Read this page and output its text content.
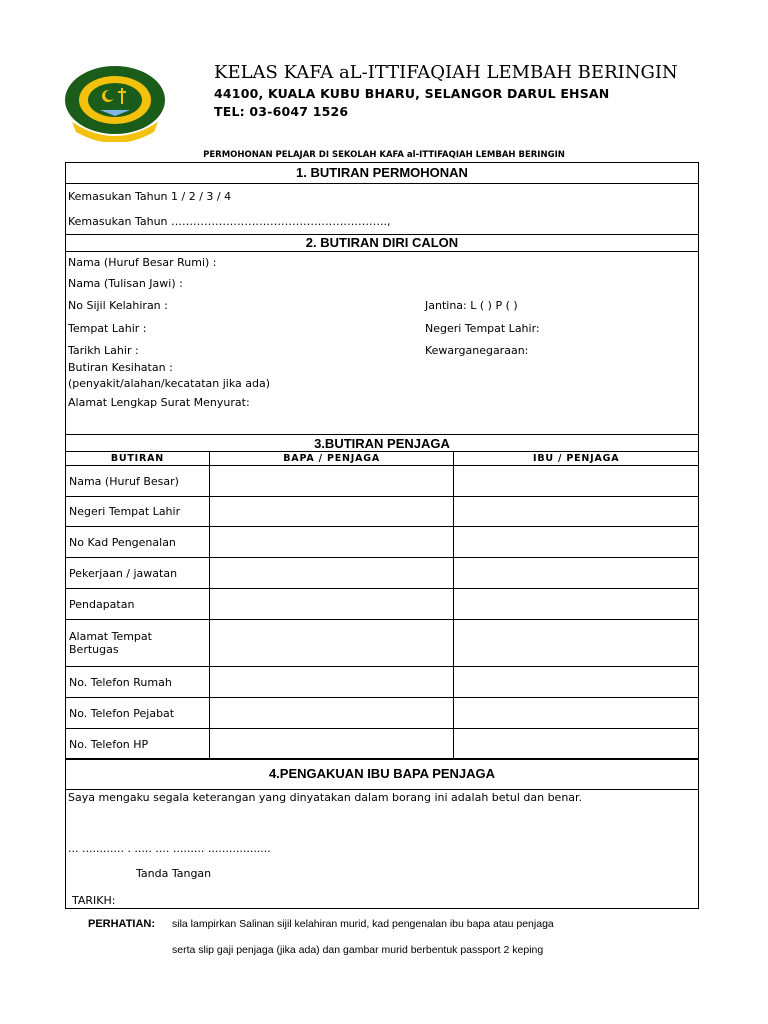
KELAS KAFA aL-ITTIFAQIAH LEMBAH BERINGIN
44100, KUALA KUBU BHARU, SELANGOR DARUL EHSAN
TEL: 03-6047 1526
PERMOHONAN PELAJAR DI SEKOLAH KAFA al-ITTIFAQIAH LEMBAH BERINGIN
1. BUTIRAN PERMOHONAN
Kemasukan Tahun 1 / 2 / 3 / 4
Kemasukan Tahun …………………………………………………..,
2. BUTIRAN DIRI CALON
Nama (Huruf Besar Rumi) :
Nama (Tulisan Jawi) :
No Sijil Kelahiran :	Jantina: L ( ) P ( )
Tempat Lahir :	Negeri Tempat Lahir:
Tarikh Lahir :	Kewarganegaraan:
Butiran Kesihatan :
(penyakit/alahan/kecatatan jika ada)
Alamat Lengkap Surat Menyurat:
3.BUTIRAN PENJAGA
BUTIRAN	BAPA / PENJAGA	IBU / PENJAGA
Nama (Huruf Besar)		
Negeri Tempat Lahir		
No Kad Pengenalan		
Pekerjaan / jawatan		
Pendapatan		
Alamat Tempat Bertugas		
No. Telefon Rumah		
No. Telefon Pejabat		
No. Telefon HP		
4.PENGAKUAN IBU BAPA PENJAGA
Saya mengaku segala keterangan yang dinyatakan dalam borang ini adalah betul dan benar.
... ............ . ..... .... ......... ..................
Tanda Tangan
TARIKH:
PERHATIAN: sila lampirkan Salinan sijil kelahiran murid, kad pengenalan ibu bapa atau penjaga
serta slip gaji penjaga (jika ada) dan gambar murid berbentuk passport 2 keping
